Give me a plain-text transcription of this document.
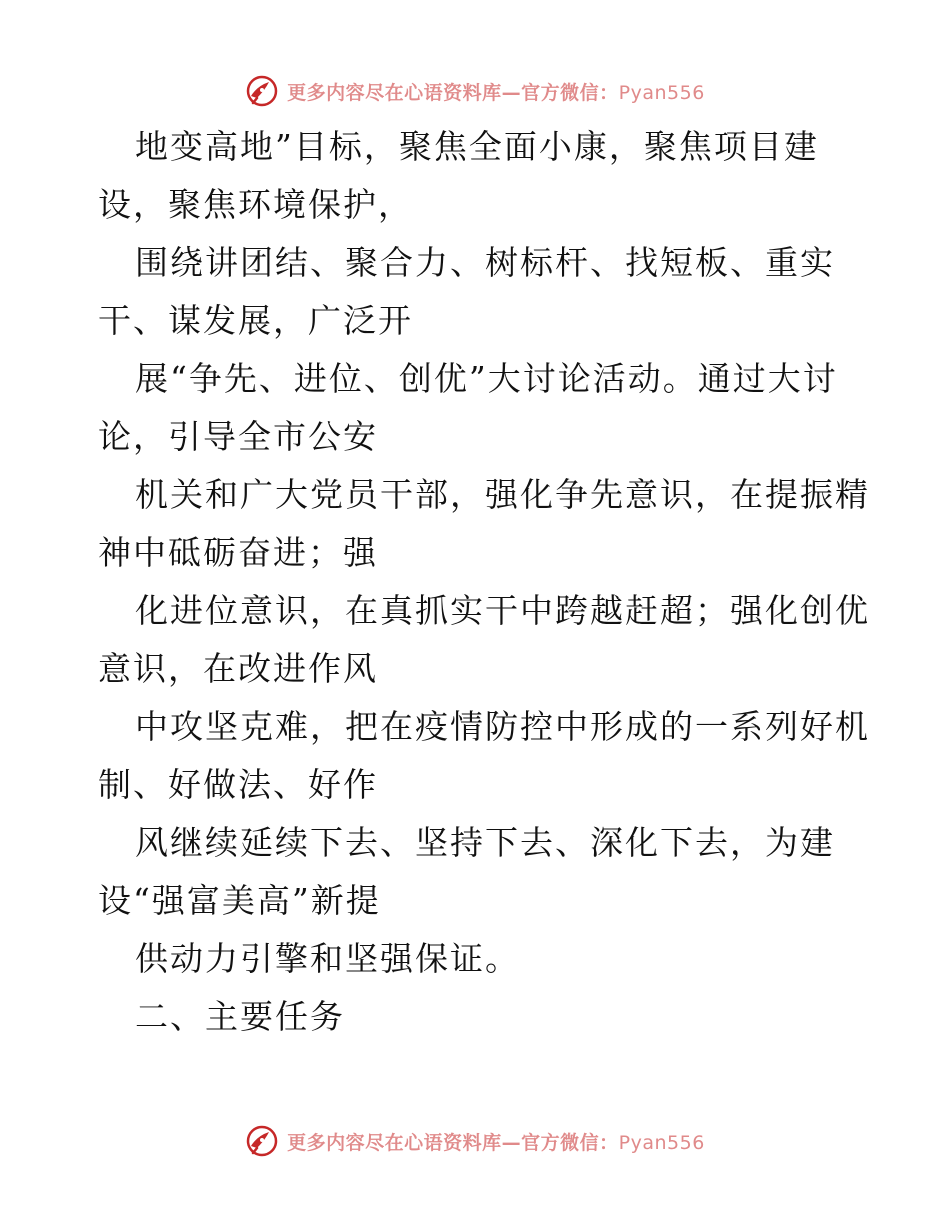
更多内容尽在心语资料库—官方微信：Pyan556
地变高地”目标，聚焦全面小康，聚焦项目建
设，聚焦环境保护，
围绕讲团结、聚合力、树标杆、找短板、重实
干、谋发展，广泛开
展“争先、进位、创优”大讨论活动。通过大讨
论，引导全市公安
机关和广大党员干部，强化争先意识，在提振精
神中砥砺奋进；强
化进位意识，在真抓实干中跨越赶超；强化创优
意识，在改进作风
中攻坚克难，把在疫情防控中形成的一系列好机
制、好做法、好作
风继续延续下去、坚持下去、深化下去，为建
设“强富美高”新提
供动力引擎和坚强保证。
二、主要任务
更多内容尽在心语资料库—官方微信：Pyan556
